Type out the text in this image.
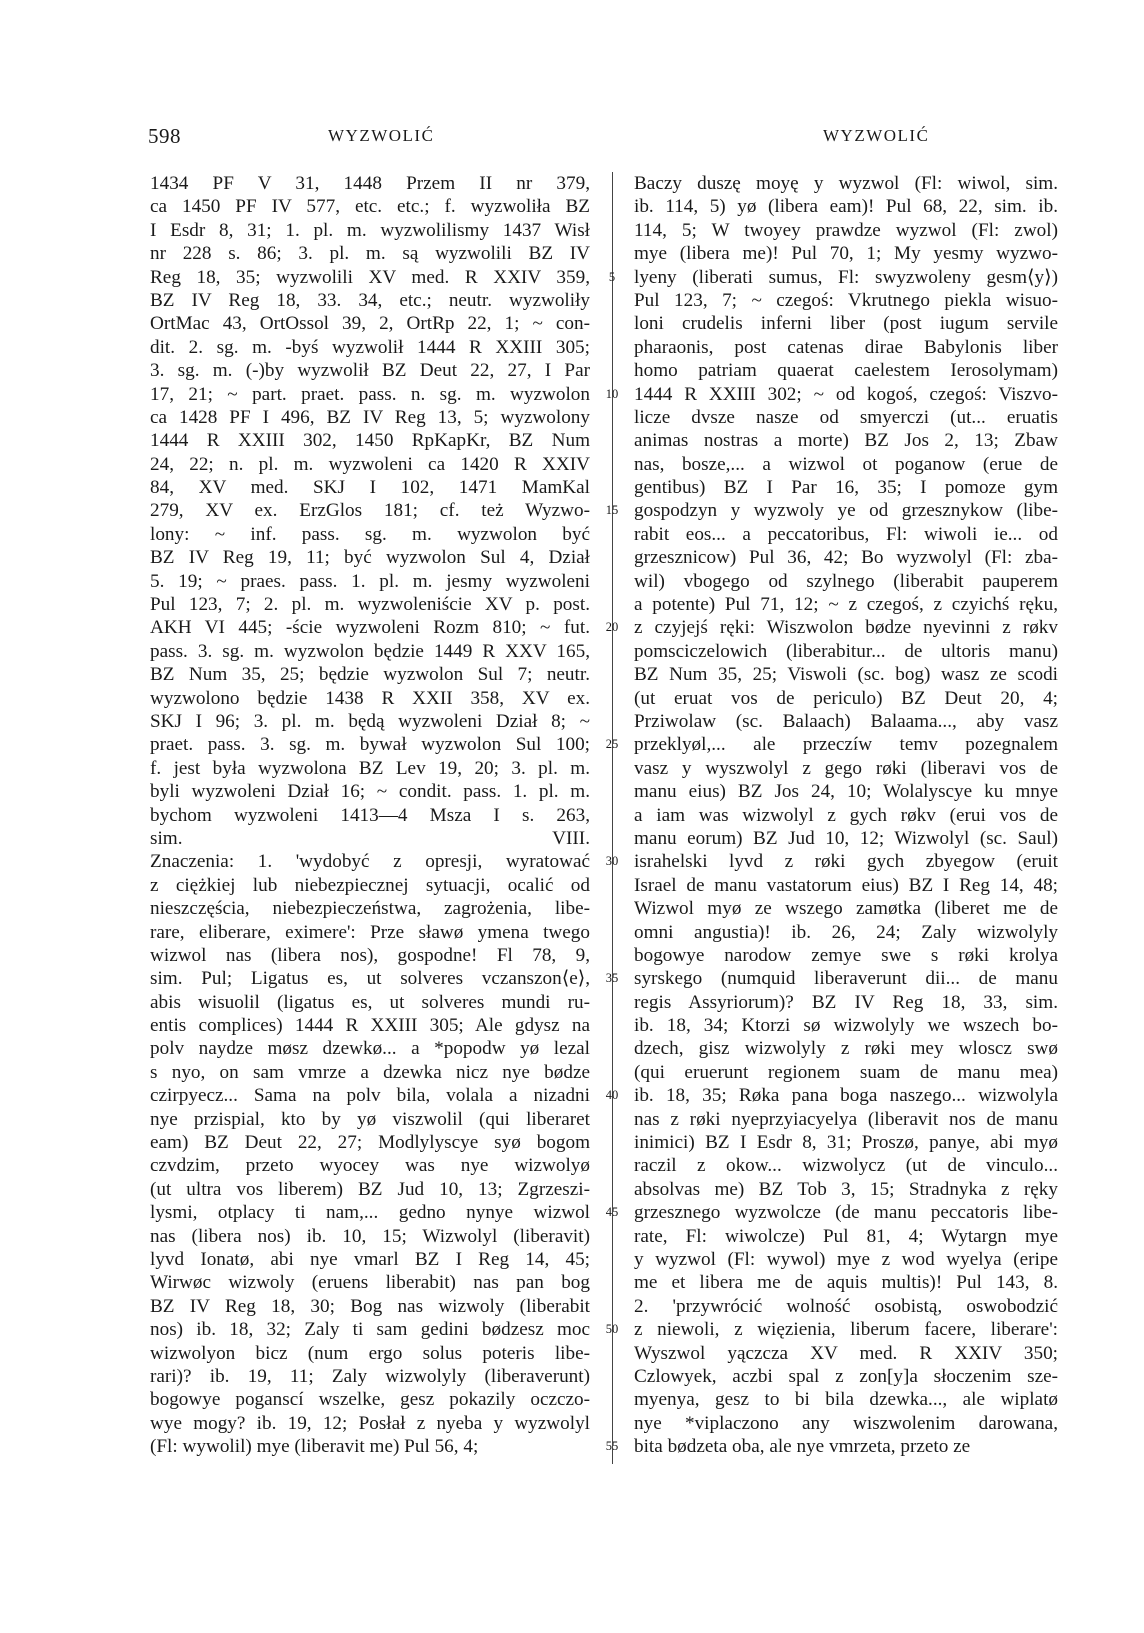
598	WYZWOLIĆ	WYZWOLIĆ
1434 PF V 31, 1448 Przem II nr 379,
ca 1450 PF IV 577, etc. etc.; f. wyzwoliła BZ
I Esdr 8, 31; 1. pl. m. wyzwolilismy 1437 Wisł
nr 228 s. 86; 3. pl. m. są wyzwolili BZ IV
Reg 18, 35; wyzwolili XV med. R XXIV 359,
BZ IV Reg 18, 33. 34, etc.; neutr. wyzwoliły
OrtMac 43, OrtOssol 39, 2, OrtRp 22, 1; ~ con-
dit. 2. sg. m. -byś wyzwolił 1444 R XXIII 305;
3. sg. m. (-)by wyzwolił BZ Deut 22, 27, I Par
17, 21; ~ part. praet. pass. n. sg. m. wyzwolon
ca 1428 PF I 496, BZ IV Reg 13, 5; wyzwolony
1444 R XXIII 302, 1450 RpKapKr, BZ Num
24, 22; n. pl. m. wyzwoleni ca 1420 R XXIV
84, XV med. SKJ I 102, 1471 MamKal
279, XV ex. ErzGlos 181; cf. też Wyzwo-
lony: ~ inf. pass. sg. m. wyzwolon być
BZ IV Reg 19, 11; być wyzwolon Sul 4, Dział
5. 19; ~ praes. pass. 1. pl. m. jesmy wyzwoleni
Pul 123, 7; 2. pl. m. wyzwoleniście XV p. post.
AKH VI 445; -ście wyzwoleni Rozm 810; ~ fut.
pass. 3. sg. m. wyzwolon będzie 1449 R XXV 165,
BZ Num 35, 25; będzie wyzwolon Sul 7; neutr.
wyzwolono będzie 1438 R XXII 358, XV ex.
SKJ I 96; 3. pl. m. będą wyzwoleni Dział 8; ~
praet. pass. 3. sg. m. bywał wyzwolon Sul 100;
f. jest była wyzwolona BZ Lev 19, 20; 3. pl. m.
byli wyzwoleni Dział 16; ~ condit. pass. 1. pl. m.
bychom wyzwoleni 1413—4 Msza I s. 263,
sim. VIII.
Znaczenia: 1. 'wydobyć z opresji, wyratować
z ciężkiej lub niebezpiecznej sytuacji, ocalić od
nieszczęścia, niebezpieczeństwa, zagrożenia, libe-
rare, eliberare, eximere': Prze sławø ymena twego
wizwol nas (libera nos), gospodne! Fl 78, 9,
sim. Pul; Ligatus es, ut solveres vczanszon⟨e⟩,
abis wisuolil (ligatus es, ut solveres mundi ru-
entis complices) 1444 R XXIII 305; Ale gdysz na
polv naydze møsz dzewkø... a *popodw yø lezal
s nyo, on sam vmrze a dzewka nicz nye bødze
czirpyecz... Sama na polv bila, volala a nizadni
nye przispial, kto by yø viszwolil (qui liberaret
eam) BZ Deut 22, 27; Modlylyscye syø bogom
czvdzim, przeto wyocey was nye wizwolyø
(ut ultra vos liberem) BZ Jud 10, 13; Zgrzeszi-
lysmi, otplacy ti nam,... gedno nynye wizwol
nas (libera nos) ib. 10, 15; Wizwolyl (liberavit)
lyvd Ionatø, abi nye vmarl BZ I Reg 14, 45;
Wirwøc wizwoly (eruens liberabit) nas pan bog
BZ IV Reg 18, 30; Bog nas wizwoly (liberabit
nos) ib. 18, 32; Zaly ti sam gedini bødzesz moc
wizwolyon bicz (num ergo solus poteris libe-
rari)? ib. 19, 11; Zaly wizwolyly (liberaverunt)
bogowye poganscí wszelke, gesz pokazily oczczo-
wye mogy? ib. 19, 12; Posłał z nyeba y wyzwolyl
(Fl: wywolil) mye (liberavit me) Pul 56, 4;
5
10
15
20
25
30
35
40
45
50
55
Baczy duszę moyę y wyzwol (Fl: wiwol, sim.
ib. 114, 5) yø (libera eam)! Pul 68, 22, sim. ib.
114, 5; W twoyey prawdze wyzwol (Fl: zwol)
mye (libera me)! Pul 70, 1; My yesmy wyzwo-
lyeny (liberati sumus, Fl: swyzwoleny gesm⟨y⟩)
Pul 123, 7; ~ czegoś: Vkrutnego piekla wisuo-
loni crudelis inferni liber (post iugum servile
pharaonis, post catenas dirae Babylonis liber
homo patriam quaerat caelestem Ierosolymam)
1444 R XXIII 302; ~ od kogoś, czegoś: Viszvo-
licze dvsze nasze od smyerczi (ut... eruatis
animas nostras a morte) BZ Jos 2, 13; Zbaw
nas, bosze,... a wizwol ot poganow (erue de
gentibus) BZ I Par 16, 35; I pomoze gym
gospodzyn y wyzwoly ye od grzesznykow (libe-
rabit eos... a peccatoribus, Fl: wiwoli ie... od
grzesznicow) Pul 36, 42; Bo wyzwolyl (Fl: zba-
wil) vbogego od szylnego (liberabit pauperem
a potente) Pul 71, 12; ~ z czegoś, z czyichś ręku,
z czyjejś ręki: Wiszwolon bødze nyevinni z røkv
pomsciczelowich (liberabitur... de ultoris manu)
BZ Num 35, 25; Viswoli (sc. bog) wasz ze scodi
(ut eruat vos de periculo) BZ Deut 20, 4;
Prziwolaw (sc. Balaach) Balaama..., aby vasz
przeklyøl,... ale przeczíw temv pozegnalem
vasz y wyszwolyl z gego røki (liberavi vos de
manu eius) BZ Jos 24, 10; Wolalyscye ku mnye
a iam was wizwolyl z gych røkv (erui vos de
manu eorum) BZ Jud 10, 12; Wizwolyl (sc. Saul)
israhelski lyvd z røki gych zbyegow (eruit
Israel de manu vastatorum eius) BZ I Reg 14, 48;
Wizwol myø ze wszego zamøtka (liberet me de
omni angustia)! ib. 26, 24; Zaly wizwolyly
bogowye narodow zemye swe s røki krolya
syrskego (numquid liberaverunt dii... de manu
regis Assyriorum)? BZ IV Reg 18, 33, sim.
ib. 18, 34; Ktorzi sø wizwolyly we wszech bo-
dzech, gisz wizwolyly z røki mey wloscz swø
(qui eruerunt regionem suam de manu mea)
ib. 18, 35; Røka pana boga naszego... wizwolyla
nas z røki nyeprzyiacyelya (liberavit nos de manu
inimici) BZ I Esdr 8, 31; Proszø, panye, abi myø
raczil z okow... wizwolycz (ut de vinculo...
absolvas me) BZ Tob 3, 15; Stradnyka z ręky
grzesznego wyzwolcze (de manu peccatoris libe-
rate, Fl: wiwolcze) Pul 81, 4; Wytargn mye
y wyzwol (Fl: wywol) mye z wod wyelya (eripe
me et libera me de aquis multis)! Pul 143, 8.
2. 'przywrócić wolność osobistą, oswobodzić
z niewoli, z więzienia, liberum facere, liberare':
Wyszwol yączcza XV med. R XXIV 350;
Czlowyek, aczbi spal z zon[y]a słoczenim sze-
myenya, gesz to bi bila dzewka..., ale wiplatø
nye *viplaczono any wiszwolenim darowana,
bita bødzeta oba, ale nye vmrzeta, przeto ze
